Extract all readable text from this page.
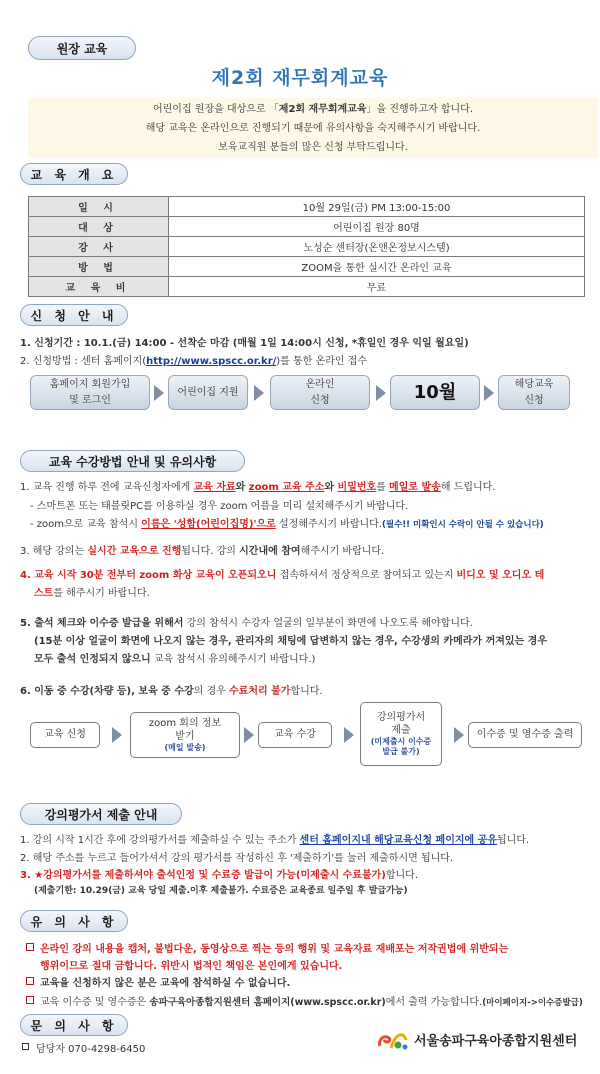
원장 교육
제2회 재무회계교육
어린이집 원장을 대상으로 「제2회 재무회계교육」을 진행하고자 합니다.
해당 교육은 온라인으로 진행되기 때문에 유의사항을 숙지해주시기 바랍니다.
보육교직원 분들의 많은 신청 부탁드립니다.
교 육 개 요
일 시	10월 29일(금) PM 13:00-15:00
대 상	어린이집 원장 80명
강 사	노성순 센터장(온앤온정보시스템)
방 법	ZOOM을 통한 실시간 온라인 교육
교 육 비	무료
신 청 안 내
1. 신청기간 : 10.1.(금) 14:00 - 선착순 마감 (매월 1일 14:00시 신청, *휴일인 경우 익일 월요일)
2. 신청방법 : 센터 홈페이지(http://www.spscc.or.kr/)를 통한 온라인 접수
홈페이지 회원가입
및 로그인
어린이집 지원
온라인
신청	10월	해당교육
신청
교육 수강방법 안내 및 유의사항
1. 교육 진행 하루 전에 교육신청자에게 교육 자료와 zoom 교육 주소와 비밀번호를 메일로 발송해 드립니다.
- 스마트폰 또는 태블릿PC를 이용하실 경우 zoom 어플을 미리 설치해주시기 바랍니다.
- zoom으로 교육 참석시 이름은 '성함(어린이집명)'으로 설정해주시기 바랍니다.(필수!! 미확인시 수락이 안될 수 있습니다)
3. 해당 강의는 실시간 교육으로 진행됩니다. 강의 시간내에 참여해주시기 바랍니다.
4. 교육 시작 30분 전부터 zoom 화상 교육이 오픈되오니 접속하셔서 정상적으로 참여되고 있는지 비디오 및 오디오 테
스트를 해주시기 바랍니다.
5. 출석 체크와 이수증 발급을 위해서 강의 참석시 수강자 얼굴의 일부분이 화면에 나오도록 해야합니다.
(15분 이상 얼굴이 화면에 나오지 않는 경우, 관리자의 채팅에 답변하지 않는 경우, 수강생의 카메라가 꺼져있는 경우
모두 출석 인정되지 않으니 교육 참석시 유의해주시기 바랍니다.)
6. 이동 중 수강(차량 등), 보육 중 수강의 경우 수료처리 불가합니다.
교육 신청
zoom 회의 정보
받기
(메일 발송)
교육 수강
강의평가서
제출
(미제출시 이수증
발급 불가)
이수증 및 영수증 출력
강의평가서 제출 안내
1. 강의 시작 1시간 후에 강의평가서를 제출하실 수 있는 주소가 센터 홈페이지내 해당교육신청 페이지에 공유됩니다.
2. 해당 주소를 누르고 들어가셔서 강의 평가서를 작성하신 후 '제출하기'를 눌러 제출하시면 됩니다.
3. ★강의평가서를 제출하셔야 출석인정 및 수료증 발급이 가능(미제출시 수료불가)합니다.
(제출기한: 10.29(금) 교육 당일 제출.이후 제출불가. 수료증은 교육종료 일주일 후 발급가능)
유 의 사 항
온라인 강의 내용을 캡처, 불법다운, 동영상으로 찍는 등의 행위 및 교육자료 재배포는 저작권법에 위반되는
행위이므로 절대 금합니다. 위반시 법적인 책임은 본인에게 있습니다.
교육을 신청하지 않은 분은 교육에 참석하실 수 없습니다.
교육 이수증 및 영수증은 송파구육아종합지원센터 홈페이지(www.spscc.or.kr)에서 출력 가능합니다.(마이페이지->이수증발급)
문 의 사 항
담당자 070-4298-6450
서울송파구육아종합지원센터
